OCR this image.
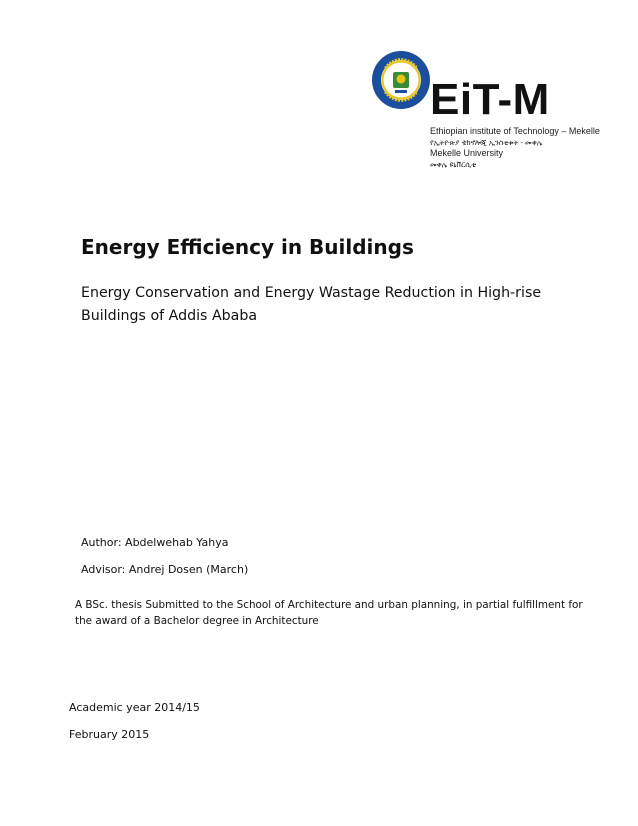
EiT-M
Ethiopian institute of Technology – Mekelle
የኢትዮጵያ ቴክኖሎጂ ኢንስቲቱት - መቀሌ
Mekelle University
መቀሌ ዩኒቨርሲቲ
Energy Efficiency in Buildings
Energy Conservation and Energy Wastage Reduction in High-rise Buildings of Addis Ababa
Author: Abdelwehab Yahya
Advisor: Andrej Dosen (March)
A BSc. thesis Submitted to the School of Architecture and urban planning, in partial fulfillment for the award of a Bachelor degree in Architecture
Academic year 2014/15
February 2015
